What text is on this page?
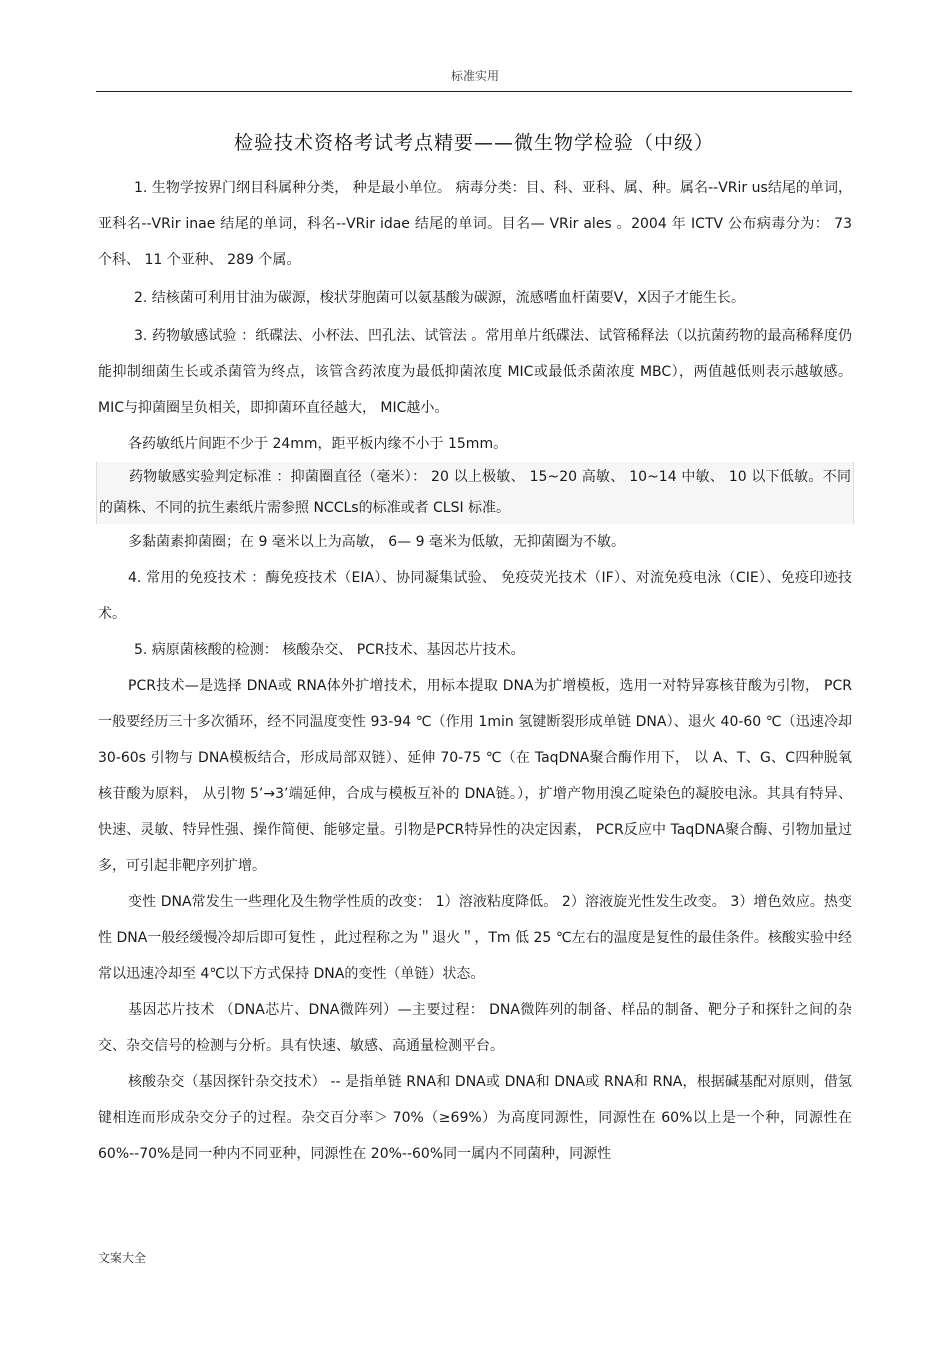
标准实用
检验技术资格考试考点精要——微生物学检验（中级）

1. 生物学按界门纲目科属种分类， 种是最小单位。 病毒分类：目、科、亚科、属、种。属名--VRir us结尾的单词，亚科名--VRir inae 结尾的单词，科名--VRir idae 结尾的单词。目名— VRir ales 。2004 年 ICTV 公布病毒分为： 73 个科、 11 个亚种、 289 个属。

2. 结核菌可利用甘油为碳源，梭状芽胞菌可以氨基酸为碳源，流感嗜血杆菌要Ⅴ，Ⅹ因子才能生长。

3. 药物敏感试验 ：纸碟法、小杯法、凹孔法、试管法 。常用单片纸碟法、试管稀释法（以抗菌药物的最高稀释度仍能抑制细菌生长或杀菌管为终点，该管含药浓度为最低抑菌浓度 MIC或最低杀菌浓度 MBC），两值越低则表示越敏感。 MIC与抑菌圈呈负相关，即抑菌环直径越大， MIC越小。

各药敏纸片间距不少于 24mm，距平板内缘不小于 15mm。

药物敏感实验判定标准 ：抑菌圈直径（毫米）： 20 以上极敏、 15~20 高敏、 10~14 中敏、 10 以下低敏。不同的菌株、不同的抗生素纸片需参照 NCCLs的标准或者 CLSI 标准。

多黏菌素抑菌圈；在 9 毫米以上为高敏， 6— 9 毫米为低敏，无抑菌圈为不敏。

4. 常用的免疫技术 ：酶免疫技术（EIA）、协同凝集试验、 免疫荧光技术（IF）、对流免疫电泳（CIE）、免疫印迹技术。

5. 病原菌核酸的检测： 核酸杂交、 PCR技术、基因芯片技术。

PCR技术—是选择 DNA或 RNA体外扩增技术，用标本提取 DNA为扩增模板，选用一对特异寡核苷酸为引物， PCR一般要经历三十多次循环，经不同温度变性 93-94 ℃（作用 1min 氢键断裂形成单链 DNA）、退火 40-60 ℃（迅速冷却 30-60s 引物与 DNA模板结合，形成局部双链）、延伸 70-75 ℃（在 TaqDNA聚合酶作用下， 以 A、T、G、C四种脱氧核苷酸为原料， 从引物 5’→3’端延伸，合成与模板互补的 DNA链。），扩增产物用溴乙啶染色的凝胶电泳。其具有特异、快速、灵敏、特异性强、操作简便、能够定量。引物是PCR特异性的决定因素， PCR反应中 TaqDNA聚合酶、引物加量过多，可引起非靶序列扩增。

变性 DNA常发生一些理化及生物学性质的改变： 1）溶液粘度降低。 2）溶液旋光性发生改变。 3）增色效应。热变性 DNA一般经缓慢冷却后即可复性 ，此过程称之为＂退火＂，Tm 低 25 ℃左右的温度是复性的最佳条件。核酸实验中经常以迅速冷却至 4℃以下方式保持 DNA的变性（单链）状态。

基因芯片技术 （DNA芯片、DNA微阵列）—主要过程： DNA微阵列的制备、样品的制备、靶分子和探针之间的杂交、杂交信号的检测与分析。具有快速、敏感、高通量检测平台。

核酸杂交（基因探针杂交技术） -- 是指单链 RNA和 DNA或 DNA和 DNA或 RNA和 RNA，根据碱基配对原则，借氢键相连而形成杂交分子的过程。杂交百分率＞ 70%（≥69%）为高度同源性，同源性在 60%以上是一个种，同源性在 60%--70%是同一种内不同亚种，同源性在 20%--60%同一属内不同菌种，同源性

文案大全
